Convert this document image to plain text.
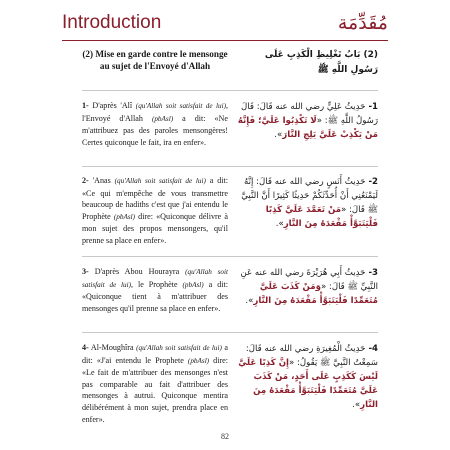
Introduction	مُقَدِّمَة
(2) Mise en garde contre le mensonge au sujet de l'Envoyé d'Allah
1- D'après 'Alî (qu'Allah soit satisfait de lui), l'Envoyé d'Allah (pbAsl) a dit: «Ne m'attribuez pas des paroles mensongères! Certes quiconque le fait, ira en enfer».
2- 'Anas (qu'Allah soit satisfait de lui) a dit: «Ce qui m'empêche de vous transmettre beaucoup de hadiths c'est que j'ai entendu le Prophète (pbAsl) dire: «Quiconque délivre à mon sujet des propos mensongers, qu'il prenne sa place en enfer».
3- D'après Abou Hourayra (qu'Allah soit satisfait de lui), le Prophète (pbAsl) a dit: «Quiconque tient à m'attribuer des mensonges qu'il prenne sa place en enfer».
4- Al-Moughîra (qu'Allah soit satisfait de lui) a dit: «J'ai entendu le Prophete (pbAsl) dire: «Le fait de m'attribuer des mensonges n'est pas comparable au fait d'attribuer des mensonges à autrui. Quiconque mentira délibérément à mon sujet, prendra place en enfer».
(2) بَابُ تَغْلِيظِ الْكَذِبِ عَلَى رَسُولِ اللَّهِ ﷺ
1- حَدِيثُ عَلِيٍّ رضي الله عنه قَالَ: قَالَ رَسُولُ اللَّهِ ﷺ: «لَا تَكْذِبُوا عَلَيَّ؛ فَإِنَّهُ مَنْ يَكْذِبْ عَلَيَّ يَلِجِ النَّارَ».
2- حَدِيثُ أَنَسٍ رضي الله عنه قَالَ: إِنَّهُ لَيَمْنَعُنِي أَنْ أُحَدِّثَكُمْ حَدِيثًا كَثِيرًا أَنَّ النَّبِيَّ ﷺ قَالَ: «مَنْ تَعَمَّدَ عَلَيَّ كَذِبًا فَلْيَتَبَوَّأْ مَقْعَدَهُ مِنَ النَّارِ».
3- حَدِيثُ أَبِي هُرَيْرَةَ رضي الله عنه عَنِ النَّبِيِّ ﷺ قَالَ: «وَمَنْ كَذَبَ عَلَيَّ مُتَعَمِّدًا فَلْيَتَبَوَّأْ مَقْعَدَهُ مِنَ النَّارِ».
4- حَدِيثُ الْمُغِيرَةِ رضي الله عنه قَالَ: سَمِعْتُ النَّبِيَّ ﷺ يَقُولُ: «إِنَّ كَذِبًا عَلَيَّ لَيْسَ كَكَذِبٍ عَلَى أَحَدٍ، مَنْ كَذَبَ عَلَيَّ مُتَعَمِّدًا فَلْيَتَبَوَّأْ مَقْعَدَهُ مِنَ النَّارِ».
82
